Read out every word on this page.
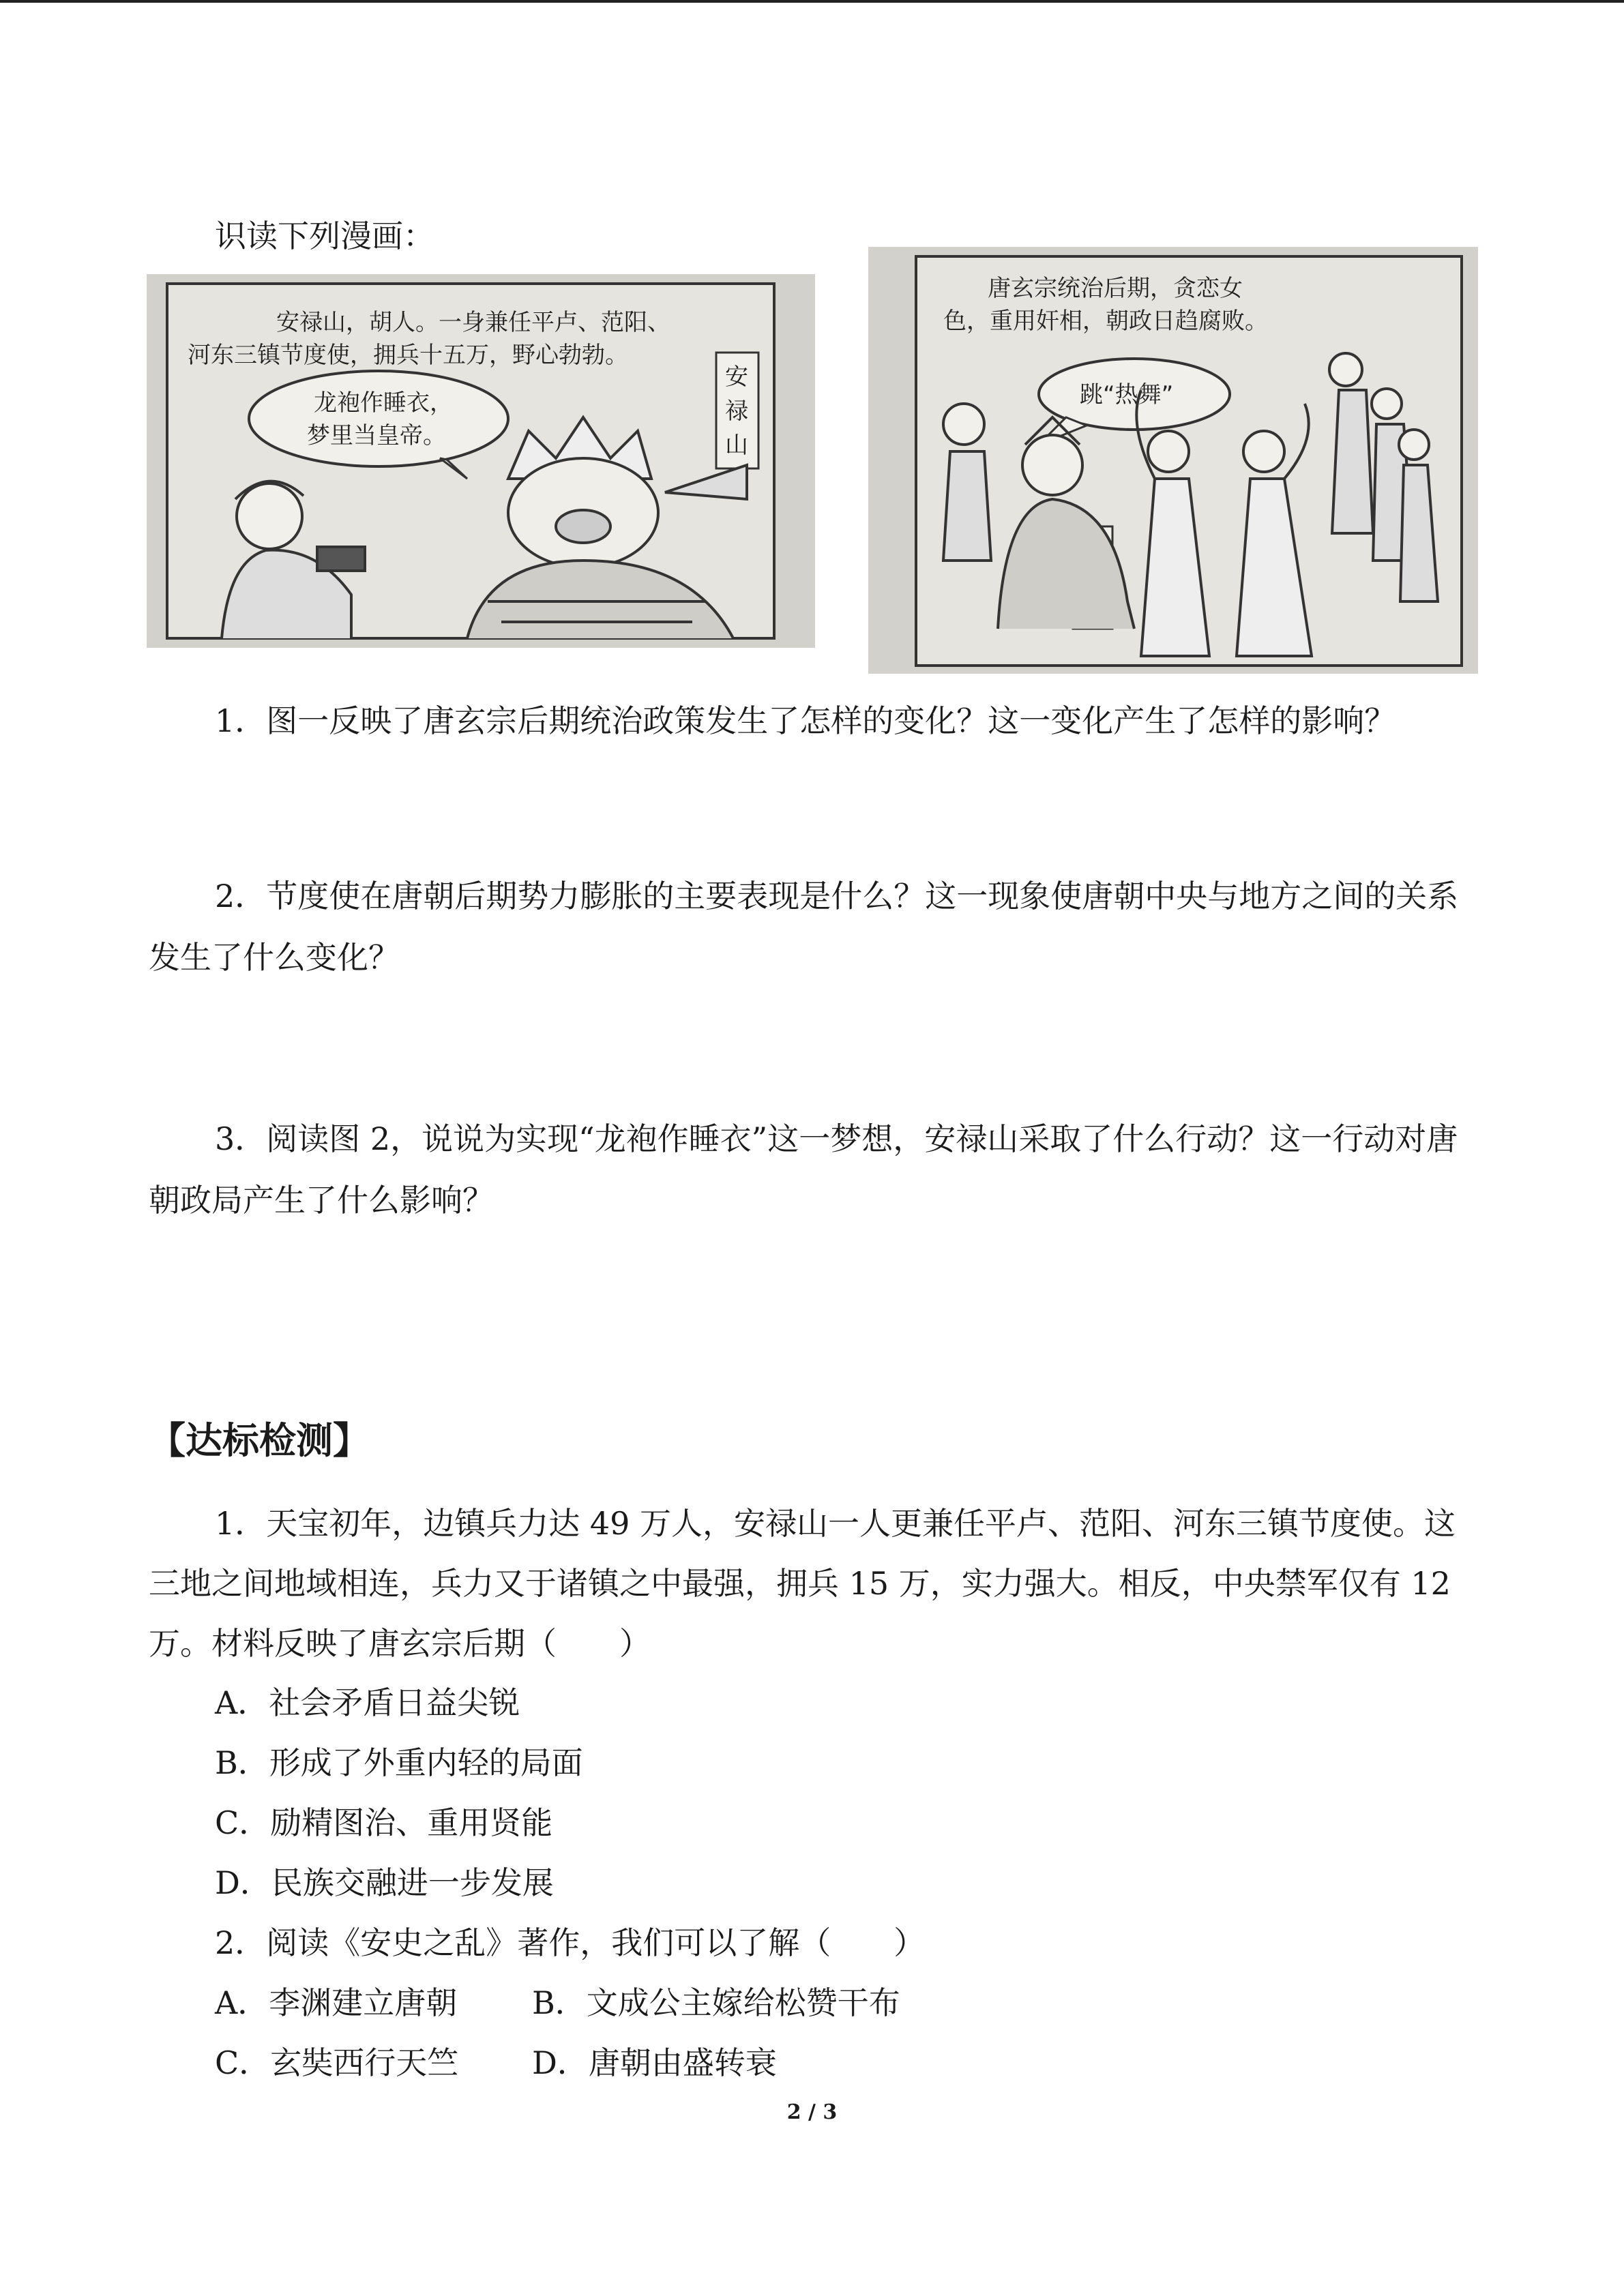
识读下列漫画：
安禄山，胡人。一身兼任平卢、范阳、
河东三镇节度使，拥兵十五万，野心勃勃。
龙袍作睡衣，
梦里当皇帝。
安
禄
山
唐玄宗统治后期，贪恋女
色，重用奸相，朝政日趋腐败。
跳“热舞”
1．图一反映了唐玄宗后期统治政策发生了怎样的变化？这一变化产生了怎样的影响？
2．节度使在唐朝后期势力膨胀的主要表现是什么？这一现象使唐朝中央与地方之间的关系发生了什么变化？
3．阅读图 2，说说为实现“龙袍作睡衣”这一梦想，安禄山采取了什么行动？这一行动对唐朝政局产生了什么影响？
【达标检测】
1．天宝初年，边镇兵力达 49 万人，安禄山一人更兼任平卢、范阳、河东三镇节度使。这三地之间地域相连，兵力又于诸镇之中最强，拥兵 15 万，实力强大。相反，中央禁军仅有 12 万。材料反映了唐玄宗后期（　　）
A．社会矛盾日益尖锐
B．形成了外重内轻的局面
C．励精图治、重用贤能
D．民族交融进一步发展
2．阅读《安史之乱》著作，我们可以了解（　　）
A．李渊建立唐朝 B．文成公主嫁给松赞干布
C．玄奘西行天竺 D．唐朝由盛转衰
2 / 3
